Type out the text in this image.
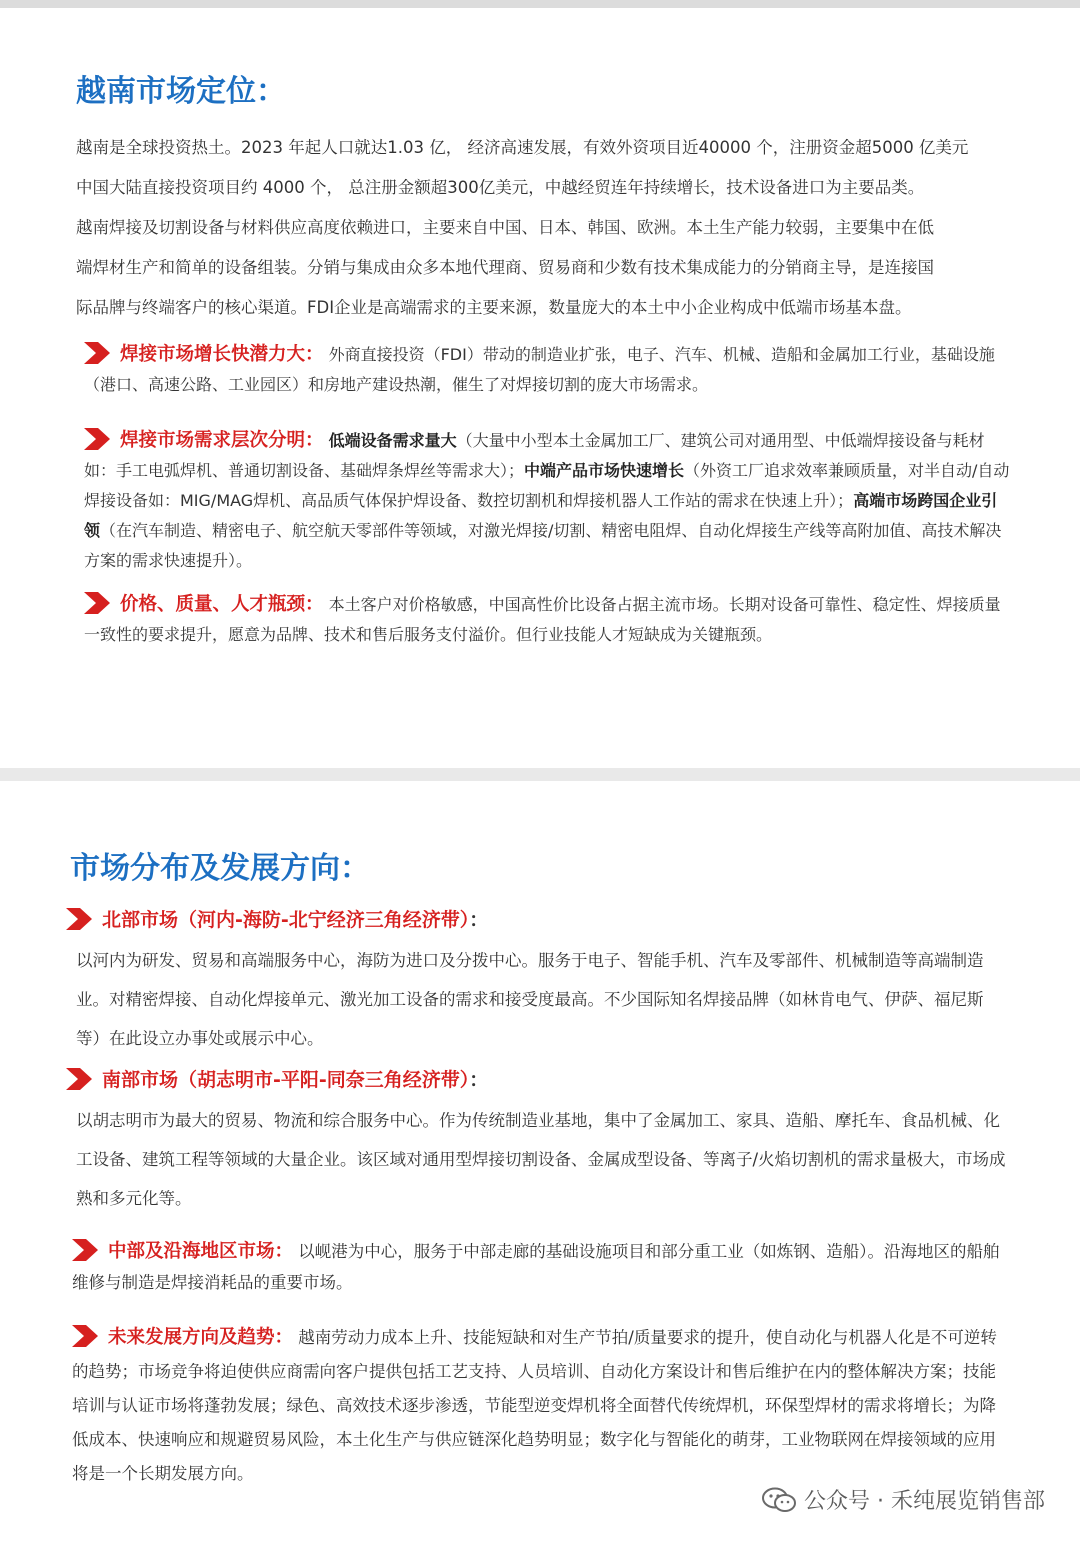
越南市场定位：

越南是全球投资热土。2023 年起人口就达1.03 亿， 经济高速发展，有效外资项目近40000 个，注册资金超5000 亿美元

中国大陆直接投资项目约 4000 个， 总注册金额超300亿美元，中越经贸连年持续增长，技术设备进口为主要品类。

越南焊接及切割设备与材料供应高度依赖进口，主要来自中国、日本、韩国、欧洲。本土生产能力较弱，主要集中在低

端焊材生产和简单的设备组装。分销与集成由众多本地代理商、贸易商和少数有技术集成能力的分销商主导，是连接国

际品牌与终端客户的核心渠道。FDI企业是高端需求的主要来源，数量庞大的本土中小企业构成中低端市场基本盘。

焊接市场增长快潜力大： 外商直接投资（FDI）带动的制造业扩张，电子、汽车、机械、造船和金属加工行业，基础设施（港口、高速公路、工业园区）和房地产建设热潮，催生了对焊接切割的庞大市场需求。
焊接市场需求层次分明： 低端设备需求量大（大量中小型本土金属加工厂、建筑公司对通用型、中低端焊接设备与耗材如：手工电弧焊机、普通切割设备、基础焊条焊丝等需求大）；中端产品市场快速增长（外资工厂追求效率兼顾质量，对半自动/自动焊接设备如：MIG/MAG焊机、高品质气体保护焊设备、数控切割机和焊接机器人工作站的需求在快速上升）；高端市场跨国企业引领（在汽车制造、精密电子、航空航天零部件等领域，对激光焊接/切割、精密电阻焊、自动化焊接生产线等高附加值、高技术解决方案的需求快速提升）。
价格、质量、人才瓶颈： 本土客户对价格敏感，中国高性价比设备占据主流市场。长期对设备可靠性、稳定性、焊接质量一致性的要求提升，愿意为品牌、技术和售后服务支付溢价。但行业技能人才短缺成为关键瓶颈。
市场分布及发展方向：
北部市场（河内-海防-北宁经济三角经济带）：
以河内为研发、贸易和高端服务中心，海防为进口及分拨中心。服务于电子、智能手机、汽车及零部件、机械制造等高端制造业。对精密焊接、自动化焊接单元、激光加工设备的需求和接受度最高。不少国际知名焊接品牌（如林肯电气、伊萨、福尼斯等）在此设立办事处或展示中心。
南部市场（胡志明市-平阳-同奈三角经济带）：
以胡志明市为最大的贸易、物流和综合服务中心。作为传统制造业基地，集中了金属加工、家具、造船、摩托车、食品机械、化工设备、建筑工程等领域的大量企业。该区域对通用型焊接切割设备、金属成型设备、等离子/火焰切割机的需求量极大，市场成熟和多元化等。
中部及沿海地区市场： 以岘港为中心，服务于中部走廊的基础设施项目和部分重工业（如炼钢、造船）。沿海地区的船舶维修与制造是焊接消耗品的重要市场。
未来发展方向及趋势： 越南劳动力成本上升、技能短缺和对生产节拍/质量要求的提升，使自动化与机器人化是不可逆转的趋势；市场竞争将迫使供应商需向客户提供包括工艺支持、人员培训、自动化方案设计和售后维护在内的整体解决方案；技能培训与认证市场将蓬勃发展；绿色、高效技术逐步渗透，节能型逆变焊机将全面替代传统焊机，环保型焊材的需求将增长；为降低成本、快速响应和规避贸易风险，本土化生产与供应链深化趋势明显；数字化与智能化的萌芽，工业物联网在焊接领域的应用将是一个长期发展方向。
公众号 · 禾纯展览销售部
